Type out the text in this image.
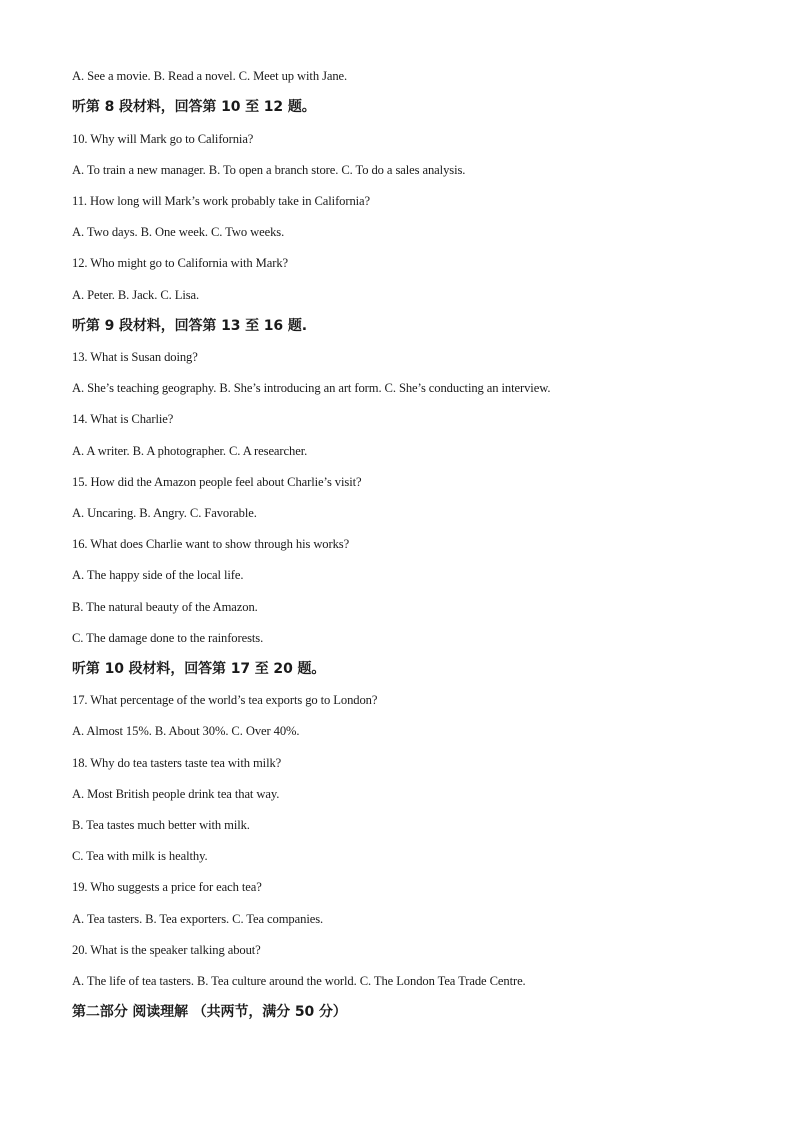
A. See a movie. B. Read a novel. C. Meet up with Jane.
听第 8 段材料，回答第 10 至 12 题。
10. Why will Mark go to California?
A. To train a new manager. B. To open a branch store. C. To do a sales analysis.
11. How long will Mark’s work probably take in California?
A. Two days. B. One week. C. Two weeks.
12. Who might go to California with Mark?
A. Peter. B. Jack. C. Lisa.
听第 9 段材料，回答第 13 至 16 题.
13. What is Susan doing?
A. She’s teaching geography. B. She’s introducing an art form. C. She’s conducting an interview.
14. What is Charlie?
A. A writer. B. A photographer. C. A researcher.
15. How did the Amazon people feel about Charlie’s visit?
A. Uncaring. B. Angry. C. Favorable.
16. What does Charlie want to show through his works?
A. The happy side of the local life.
B. The natural beauty of the Amazon.
C. The damage done to the rainforests.
听第 10 段材料，回答第 17 至 20 题。
17. What percentage of the world’s tea exports go to London?
A. Almost 15%. B. About 30%. C. Over 40%.
18. Why do tea tasters taste tea with milk?
A. Most British people drink tea that way.
B. Tea tastes much better with milk.
C. Tea with milk is healthy.
19. Who suggests a price for each tea?
A. Tea tasters. B. Tea exporters. C. Tea companies.
20. What is the speaker talking about?
A. The life of tea tasters. B. Tea culture around the world. C. The London Tea Trade Centre.
第二部分 阅读理解 （共两节，满分 50 分）
